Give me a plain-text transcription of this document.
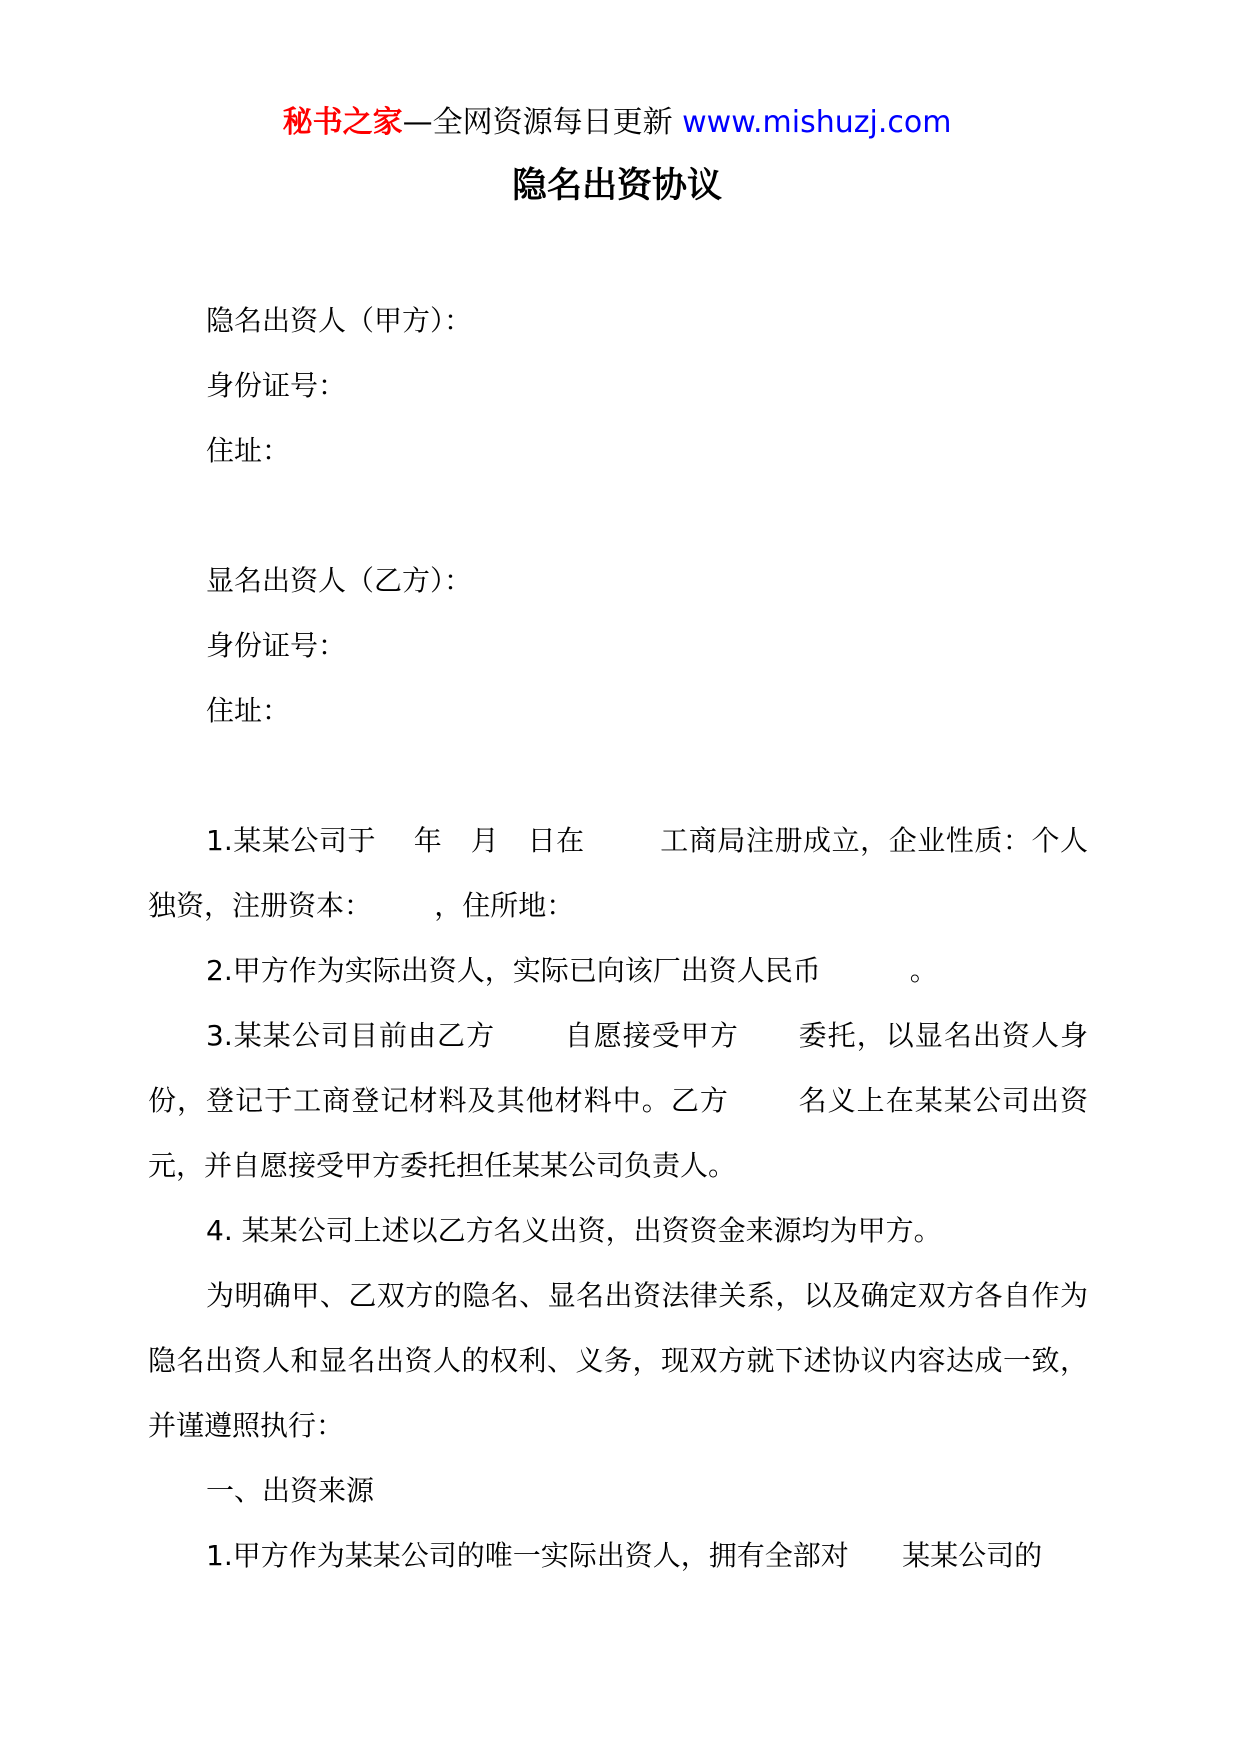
秘书之家—全网资源每日更新 www.mishuzj.com
隐名出资协议
隐名出资人（甲方）：
身份证号：
住址：
显名出资人（乙方）：
身份证号：
住址：
1.某某公司于    年   月   日在        工商局注册成立，企业性质：个人独资，注册资本：       ，住所地：
2.甲方作为实际出资人，实际已向该厂出资人民币          。
3.某某公司目前由乙方       自愿接受甲方      委托，以显名出资人身份，登记于工商登记材料及其他材料中。乙方       名义上在某某公司出资元，并自愿接受甲方委托担任某某公司负责人。
4. 某某公司上述以乙方名义出资，出资资金来源均为甲方。
为明确甲、乙双方的隐名、显名出资法律关系，以及确定双方各自作为隐名出资人和显名出资人的权利、义务，现双方就下述协议内容达成一致，并谨遵照执行：
一、出资来源
1.甲方作为某某公司的唯一实际出资人，拥有全部对      某某公司的
